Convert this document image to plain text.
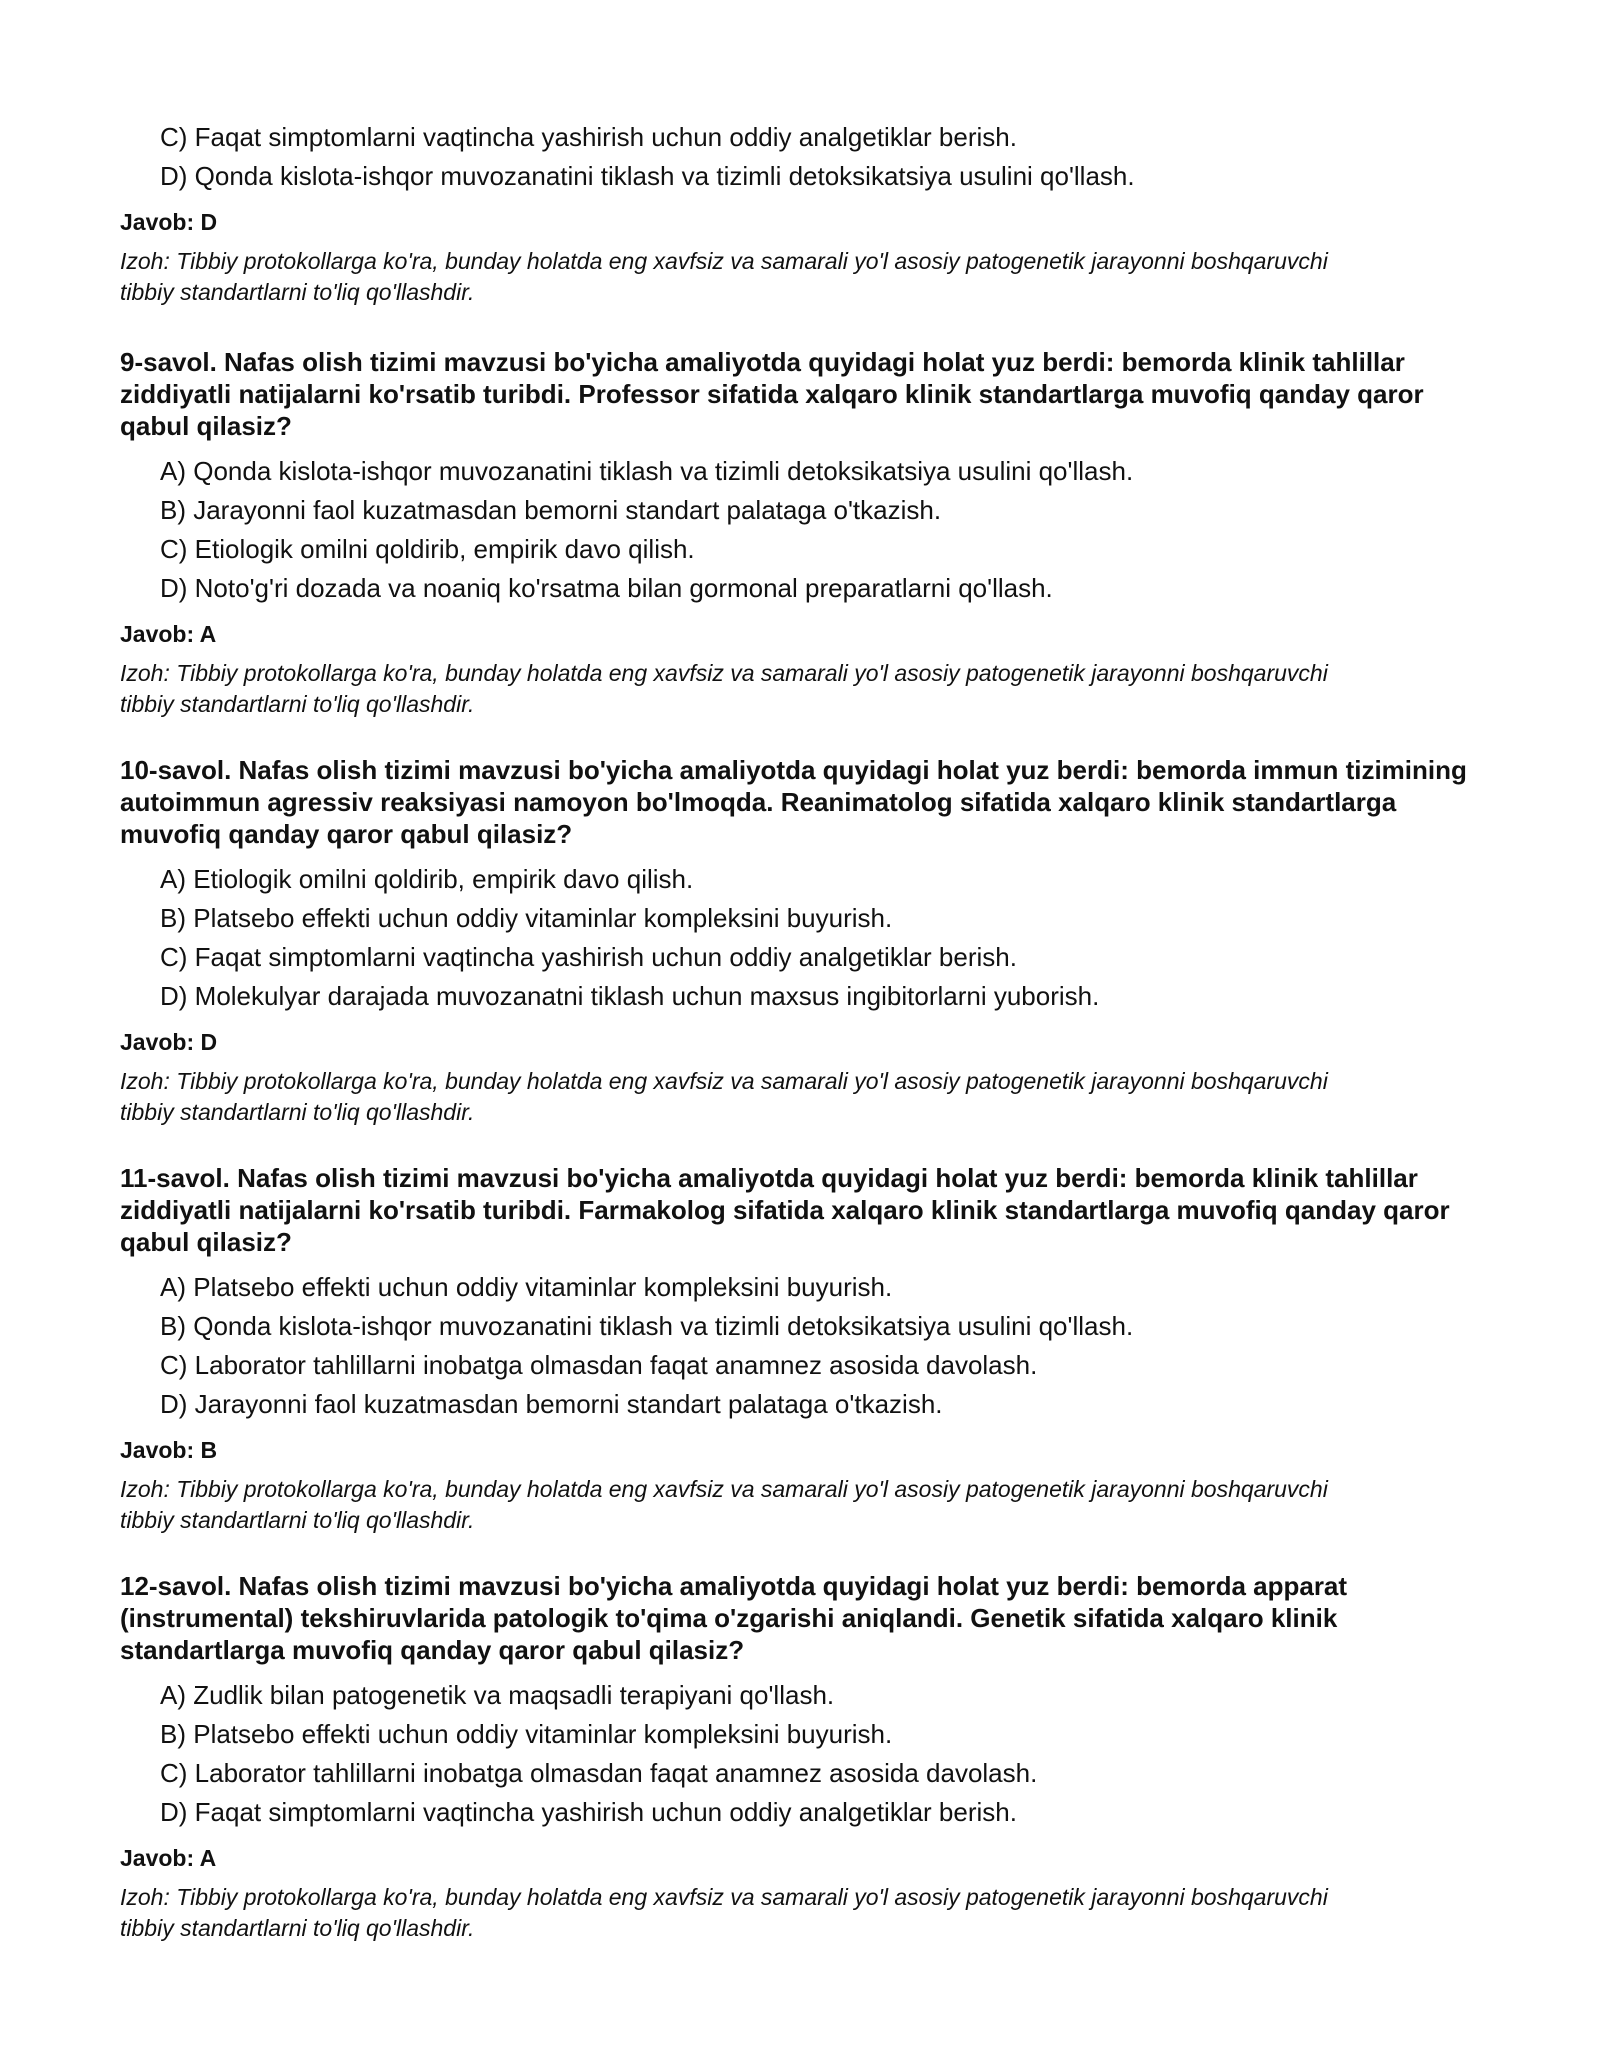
C) Faqat simptomlarni vaqtincha yashirish uchun oddiy analgetiklar berish.
D) Qonda kislota-ishqor muvozanatini tiklash va tizimli detoksikatsiya usulini qo'llash.
Javob: D
Izoh: Tibbiy protokollarga ko'ra, bunday holatda eng xavfsiz va samarali yo'l asosiy patogenetik jarayonni boshqaruvchi tibbiy standartlarni to'liq qo'llashdir.
9-savol. Nafas olish tizimi mavzusi bo'yicha amaliyotda quyidagi holat yuz berdi: bemorda klinik tahlillar ziddiyatli natijalarni ko'rsatib turibdi. Professor sifatida xalqaro klinik standartlarga muvofiq qanday qaror qabul qilasiz?
A) Qonda kislota-ishqor muvozanatini tiklash va tizimli detoksikatsiya usulini qo'llash.
B) Jarayonni faol kuzatmasdan bemorni standart palataga o'tkazish.
C) Etiologik omilni qoldirib, empirik davo qilish.
D) Noto'g'ri dozada va noaniq ko'rsatma bilan gormonal preparatlarni qo'llash.
Javob: A
Izoh: Tibbiy protokollarga ko'ra, bunday holatda eng xavfsiz va samarali yo'l asosiy patogenetik jarayonni boshqaruvchi tibbiy standartlarni to'liq qo'llashdir.
10-savol. Nafas olish tizimi mavzusi bo'yicha amaliyotda quyidagi holat yuz berdi: bemorda immun tizimining autoimmun agressiv reaksiyasi namoyon bo'lmoqda. Reanimatolog sifatida xalqaro klinik standartlarga muvofiq qanday qaror qabul qilasiz?
A) Etiologik omilni qoldirib, empirik davo qilish.
B) Platsebo effekti uchun oddiy vitaminlar kompleksini buyurish.
C) Faqat simptomlarni vaqtincha yashirish uchun oddiy analgetiklar berish.
D) Molekulyar darajada muvozanatni tiklash uchun maxsus ingibitorlarni yuborish.
Javob: D
Izoh: Tibbiy protokollarga ko'ra, bunday holatda eng xavfsiz va samarali yo'l asosiy patogenetik jarayonni boshqaruvchi tibbiy standartlarni to'liq qo'llashdir.
11-savol. Nafas olish tizimi mavzusi bo'yicha amaliyotda quyidagi holat yuz berdi: bemorda klinik tahlillar ziddiyatli natijalarni ko'rsatib turibdi. Farmakolog sifatida xalqaro klinik standartlarga muvofiq qanday qaror qabul qilasiz?
A) Platsebo effekti uchun oddiy vitaminlar kompleksini buyurish.
B) Qonda kislota-ishqor muvozanatini tiklash va tizimli detoksikatsiya usulini qo'llash.
C) Laborator tahlillarni inobatga olmasdan faqat anamnez asosida davolash.
D) Jarayonni faol kuzatmasdan bemorni standart palataga o'tkazish.
Javob: B
Izoh: Tibbiy protokollarga ko'ra, bunday holatda eng xavfsiz va samarali yo'l asosiy patogenetik jarayonni boshqaruvchi tibbiy standartlarni to'liq qo'llashdir.
12-savol. Nafas olish tizimi mavzusi bo'yicha amaliyotda quyidagi holat yuz berdi: bemorda apparat (instrumental) tekshiruvlarida patologik to'qima o'zgarishi aniqlandi. Genetik sifatida xalqaro klinik standartlarga muvofiq qanday qaror qabul qilasiz?
A) Zudlik bilan patogenetik va maqsadli terapiyani qo'llash.
B) Platsebo effekti uchun oddiy vitaminlar kompleksini buyurish.
C) Laborator tahlillarni inobatga olmasdan faqat anamnez asosida davolash.
D) Faqat simptomlarni vaqtincha yashirish uchun oddiy analgetiklar berish.
Javob: A
Izoh: Tibbiy protokollarga ko'ra, bunday holatda eng xavfsiz va samarali yo'l asosiy patogenetik jarayonni boshqaruvchi tibbiy standartlarni to'liq qo'llashdir.
